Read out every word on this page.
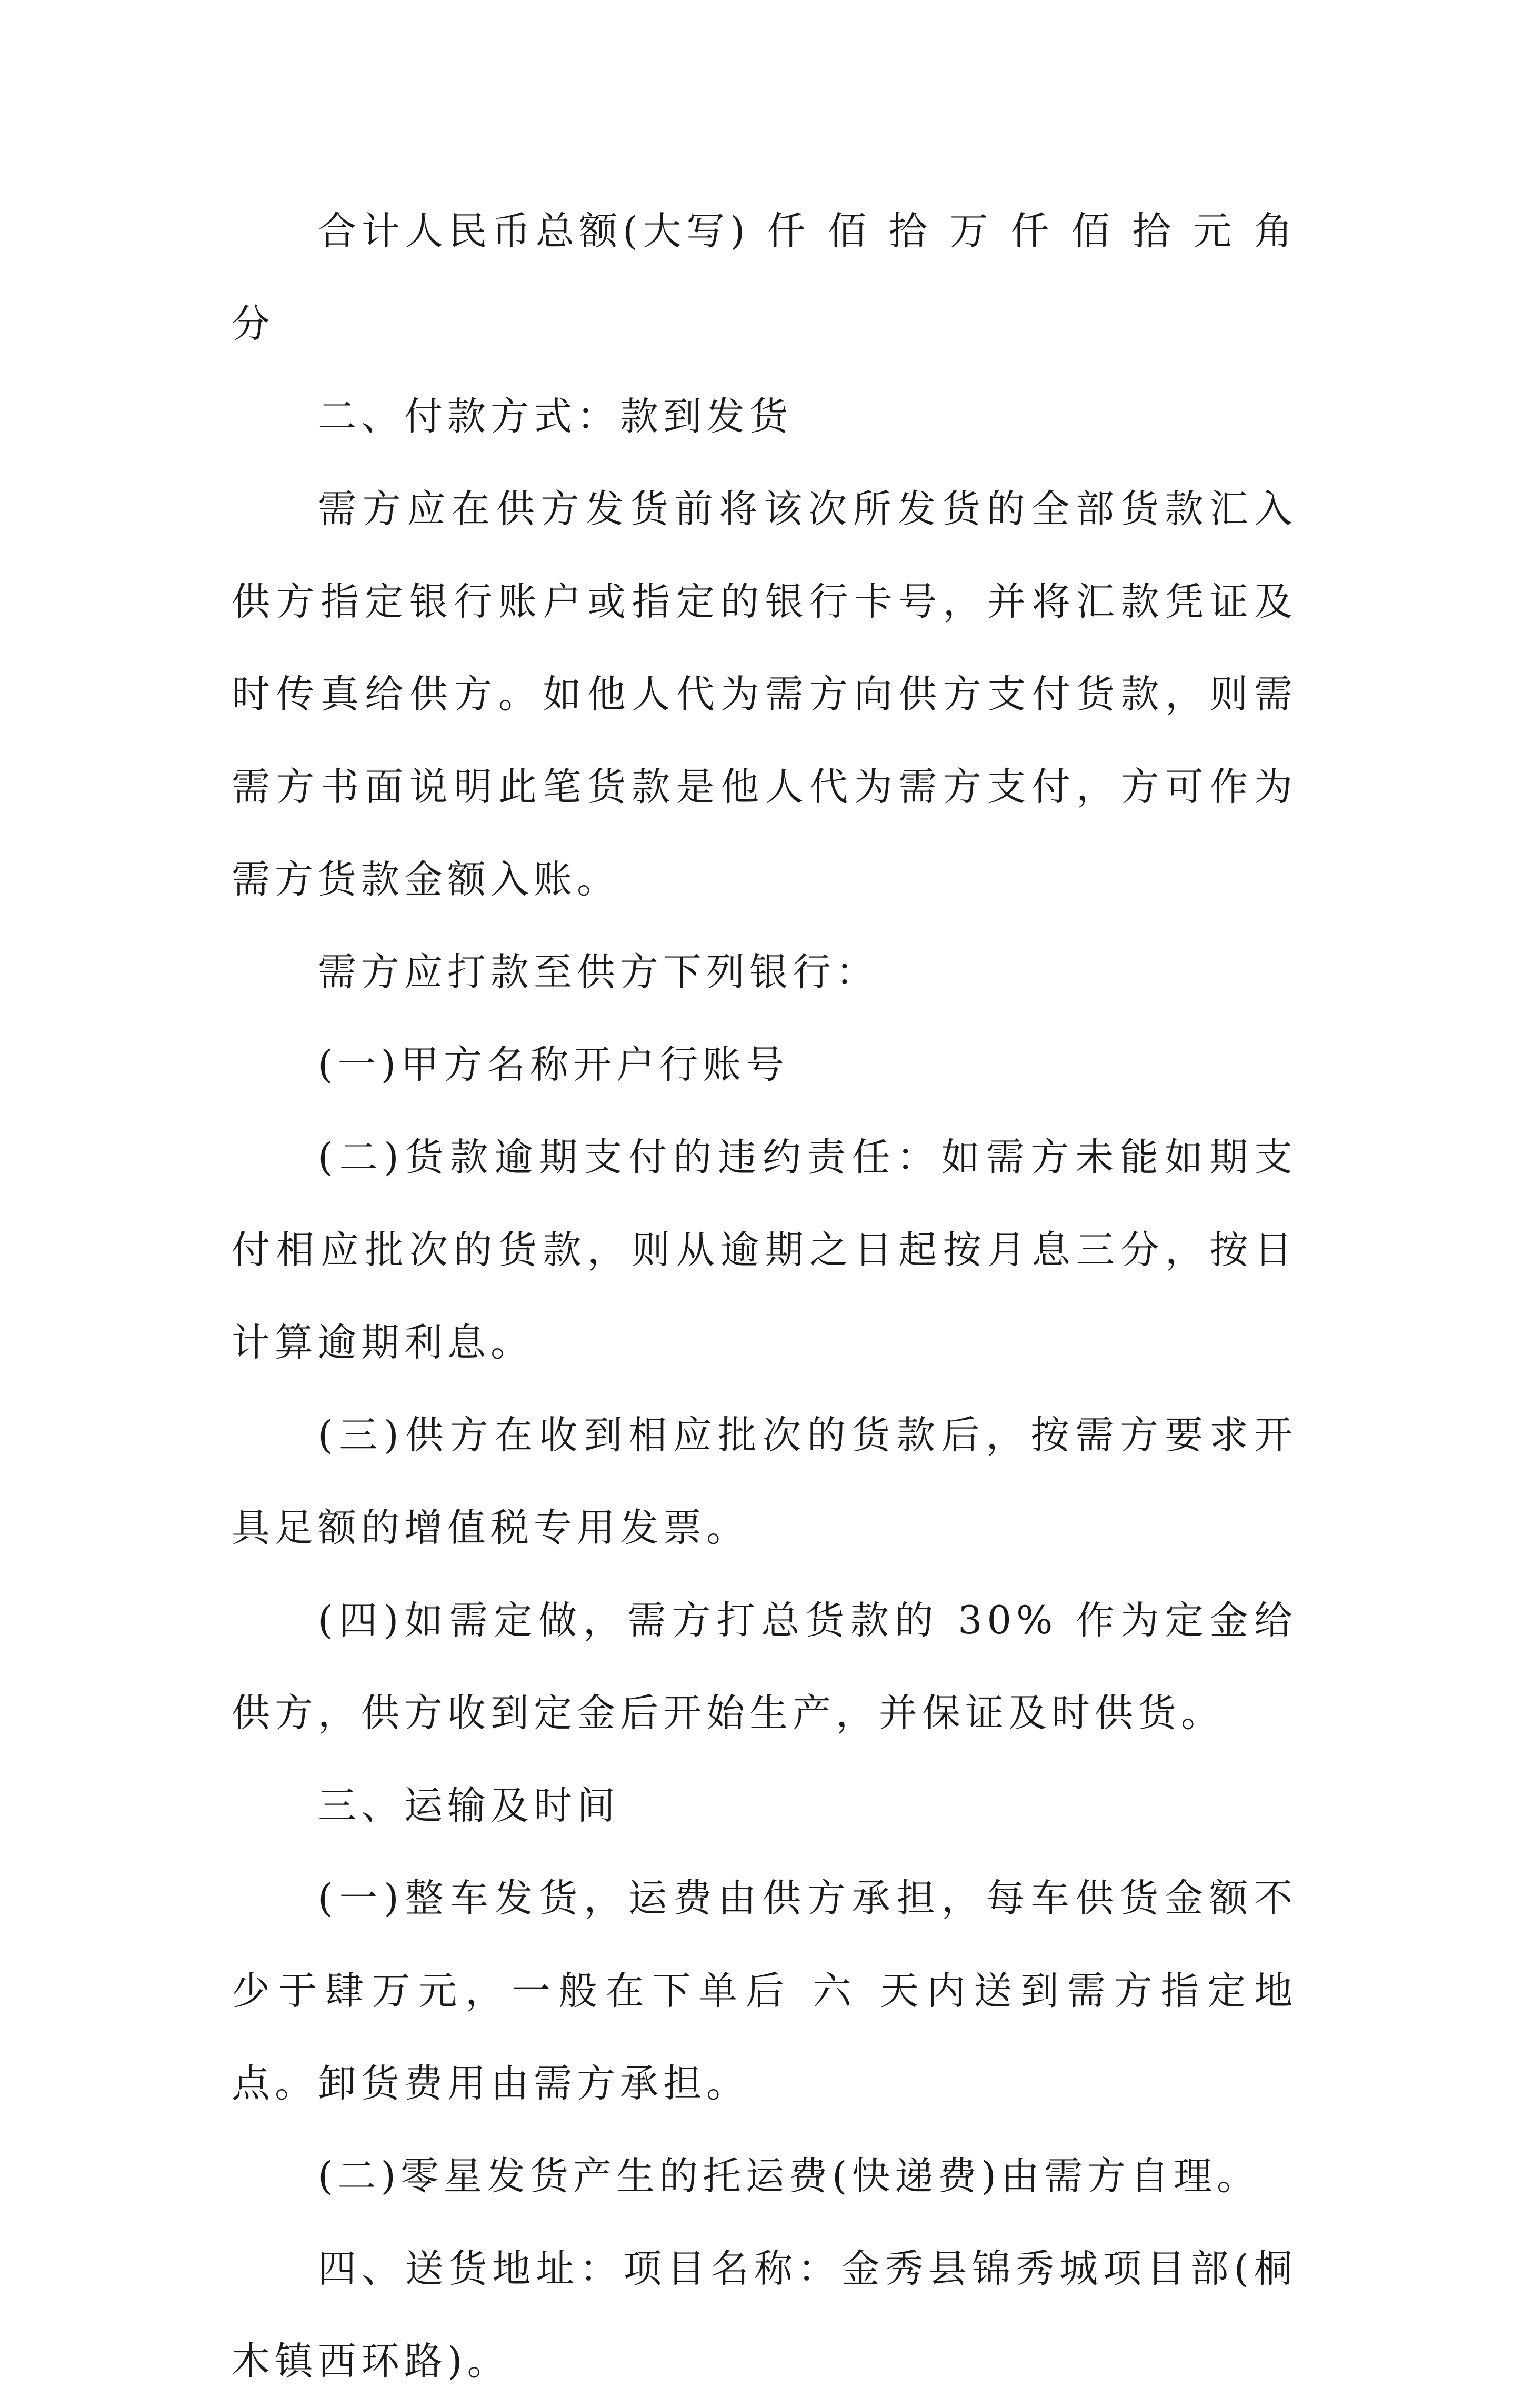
合计人民币总额(大写) 仟 佰 拾 万 仟 佰 拾 元 角 分

二、付款方式：款到发货

需方应在供方发货前将该次所发货的全部货款汇入供方指定银行账户或指定的银行卡号，并将汇款凭证及时传真给供方。如他人代为需方向供方支付货款，则需需方书面说明此笔货款是他人代为需方支付，方可作为需方货款金额入账。

需方应打款至供方下列银行：

(一)甲方名称开户行账号

(二)货款逾期支付的违约责任：如需方未能如期支付相应批次的货款，则从逾期之日起按月息三分，按日计算逾期利息。

(三)供方在收到相应批次的货款后，按需方要求开具足额的增值税专用发票。

(四)如需定做，需方打总货款的 30% 作为定金给供方，供方收到定金后开始生产，并保证及时供货。

三、运输及时间

(一)整车发货，运费由供方承担，每车供货金额不少于肆万元，一般在下单后 六 天内送到需方指定地点。卸货费用由需方承担。

(二)零星发货产生的托运费(快递费)由需方自理。

四、送货地址：项目名称：金秀县锦秀城项目部(桐木镇西环路)。
